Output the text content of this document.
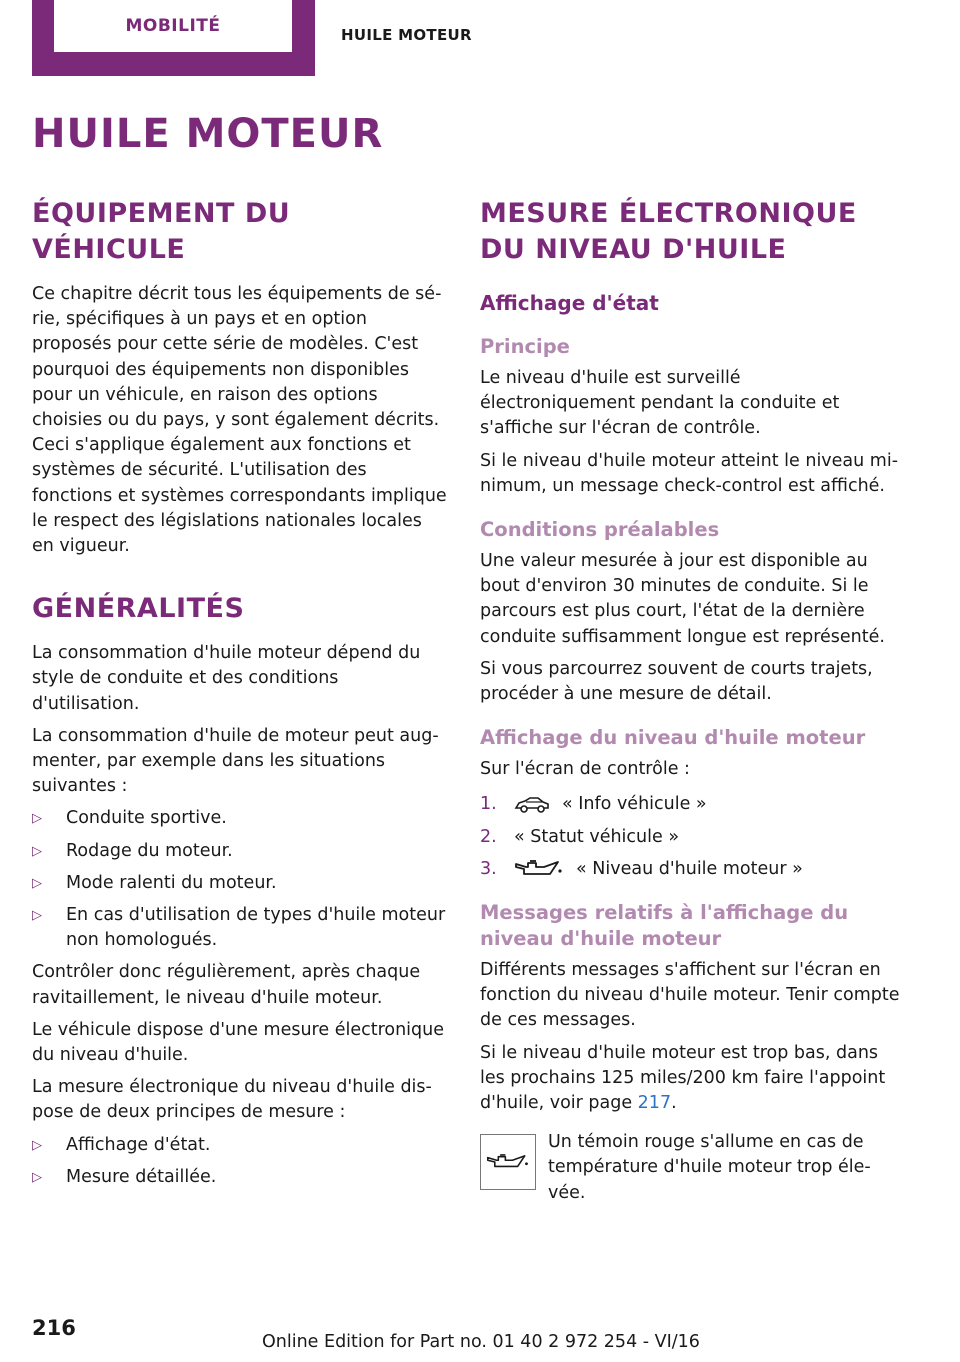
MOBILITÉ	HUILE MOTEUR
HUILE MOTEUR
ÉQUIPEMENT DU VÉHICULE

Ce chapitre décrit tous les équipements de série, spécifiques à un pays et en option proposés pour cette série de modèles. C'est pourquoi des équipements non disponibles pour un véhicule, en raison des options choisies ou du pays, y sont également décrits. Ceci s'applique également aux fonctions et systèmes de sécurité. L'utilisation des fonctions et systèmes correspondants implique le respect des législations nationales locales en vigueur.

GÉNÉRALITÉS

La consommation d'huile moteur dépend du style de conduite et des conditions d'utilisation.

La consommation d'huile de moteur peut augmenter, par exemple dans les situations suivantes :

▷ Conduite sportive.
▷ Rodage du moteur.
▷ Mode ralenti du moteur.
▷ En cas d'utilisation de types d'huile moteur non homologués.

Contrôler donc régulièrement, après chaque ravitaillement, le niveau d'huile moteur.

Le véhicule dispose d'une mesure électronique du niveau d'huile.

La mesure électronique du niveau d'huile dispose de deux principes de mesure :

▷ Affichage d'état.
▷ Mesure détaillée.
MESURE ÉLECTRONIQUE DU NIVEAU D'HUILE
Affichage d'état
Principe

Le niveau d'huile est surveillé électroniquement pendant la conduite et s'affiche sur l'écran de contrôle.

Si le niveau d'huile moteur atteint le niveau minimum, un message check-control est affiché.

Conditions préalables

Une valeur mesurée à jour est disponible au bout d'environ 30 minutes de conduite. Si le parcours est plus court, l'état de la dernière conduite suffisamment longue est représenté.

Si vous parcourrez souvent de courts trajets, procéder à une mesure de détail.

Affichage du niveau d'huile moteur

Sur l'écran de contrôle :

1.	« Info véhicule »
2. « Statut véhicule »
3.	« Niveau d'huile moteur »
Messages relatifs à l'affichage du niveau d'huile moteur

Différents messages s'affichent sur l'écran en fonction du niveau d'huile moteur. Tenir compte de ces messages.

Si le niveau d'huile moteur est trop bas, dans les prochains 125 miles/200 km faire l'appoint d'huile, voir page 217.

Un témoin rouge s'allume en cas de température d'huile moteur trop élevée.

216
Online Edition for Part no. 01 40 2 972 254 - VI/16
